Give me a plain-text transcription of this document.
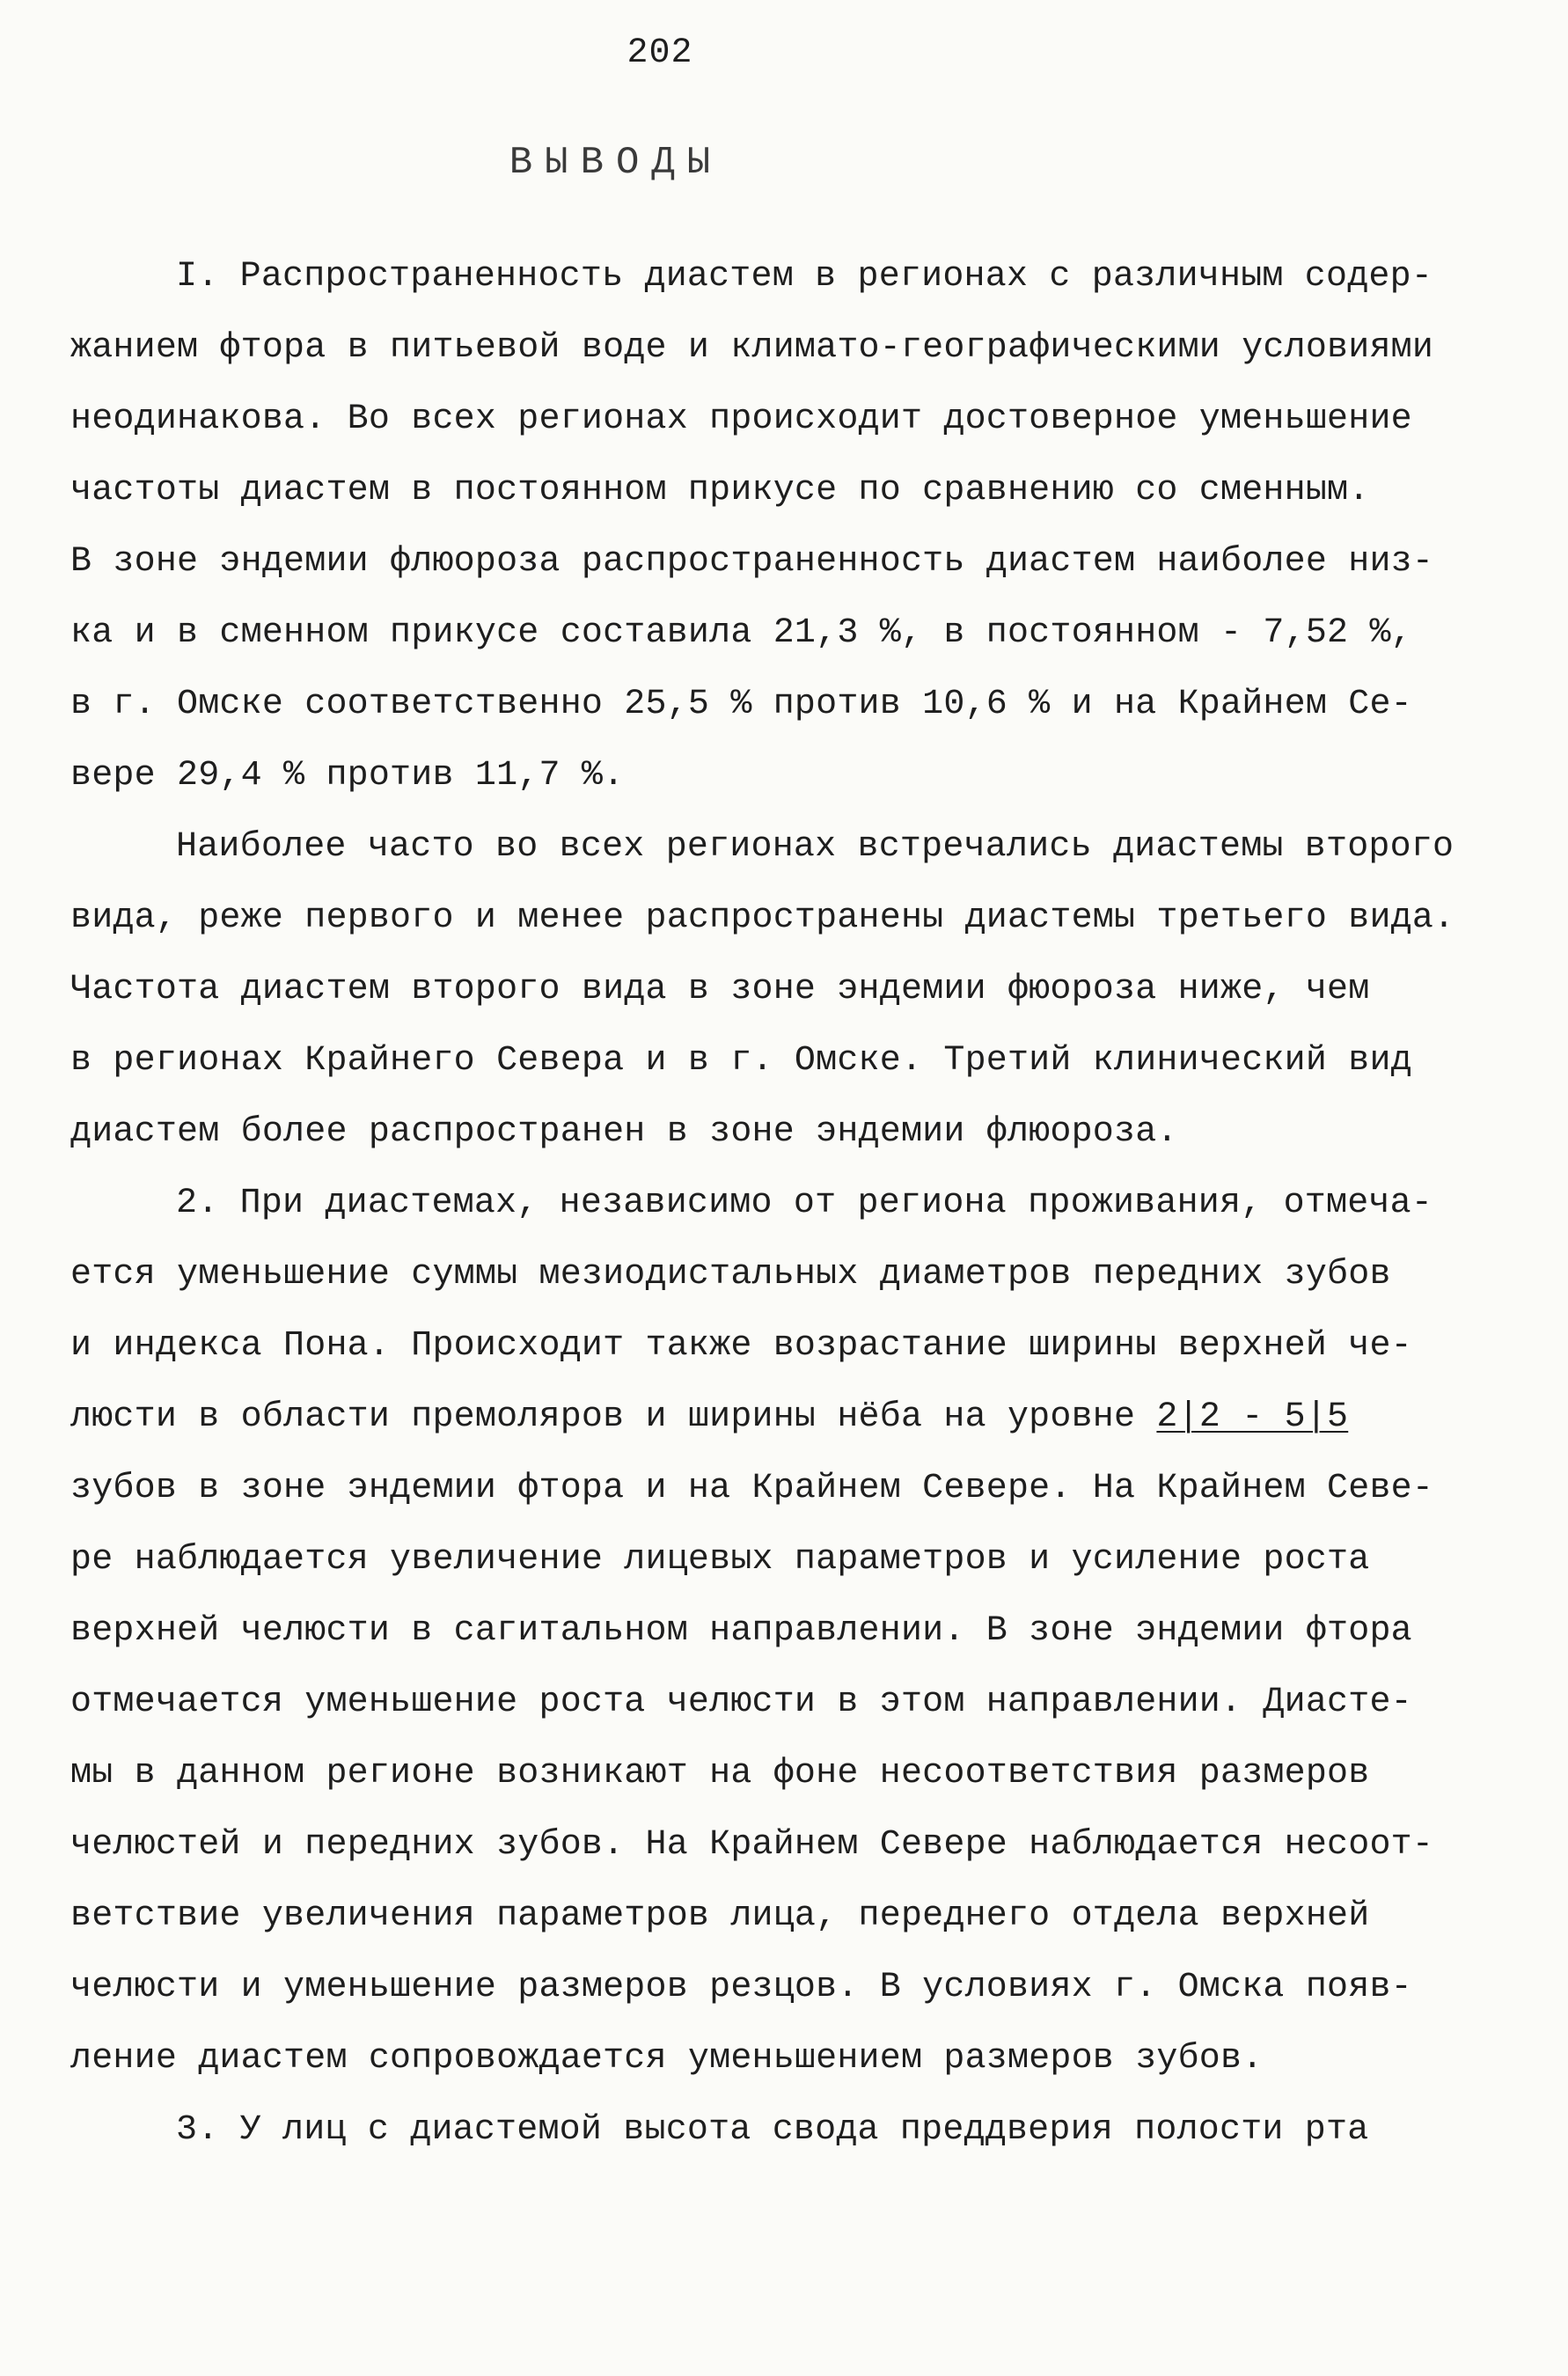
202
ВЫВОДЫ
I. Распространенность диастем в регионах с различным содер-
жанием фтора в питьевой воде и климато-географическими условиями
неодинакова. Во всех регионах происходит достоверное уменьшение
частоты диастем в постоянном прикусе по сравнению со сменным.
В зоне эндемии флюороза распространенность диастем наиболее низ-
ка и в сменном прикусе составила 21,3 %, в постоянном - 7,52 %,
в г. Омске соответственно 25,5 % против 10,6 % и на Крайнем Се-
вере 29,4 % против 11,7 %.
Наиболее часто во всех регионах встречались диастемы второго
вида, реже первого и менее распространены диастемы третьего вида.
Частота диастем второго вида в зоне эндемии фюороза ниже, чем
в регионах Крайнего Севера и в г. Омске. Третий клинический вид
диастем более распространен в зоне эндемии флюороза.
2. При диастемах, независимо от региона проживания, отмеча-
ется уменьшение суммы мезиодистальных диаметров передних зубов
и индекса Пона. Происходит также возрастание ширины верхней че-
люсти в области премоляров и ширины нёба на уровне 2|2 - 5|5
зубов в зоне эндемии фтора и на Крайнем Севере. На Крайнем Севе-
ре наблюдается увеличение лицевых параметров и усиление роста
верхней челюсти в сагитальном направлении. В зоне эндемии фтора
отмечается уменьшение роста челюсти в этом направлении. Диасте-
мы в данном регионе возникают на фоне несоответствия размеров
челюстей и передних зубов. На Крайнем Севере наблюдается несоот-
ветствие увеличения параметров лица, переднего отдела верхней
челюсти и уменьшение размеров резцов. В условиях г. Омска появ-
ление диастем сопровождается уменьшением размеров зубов.
3. У лиц с диастемой высота свода преддверия полости рта
